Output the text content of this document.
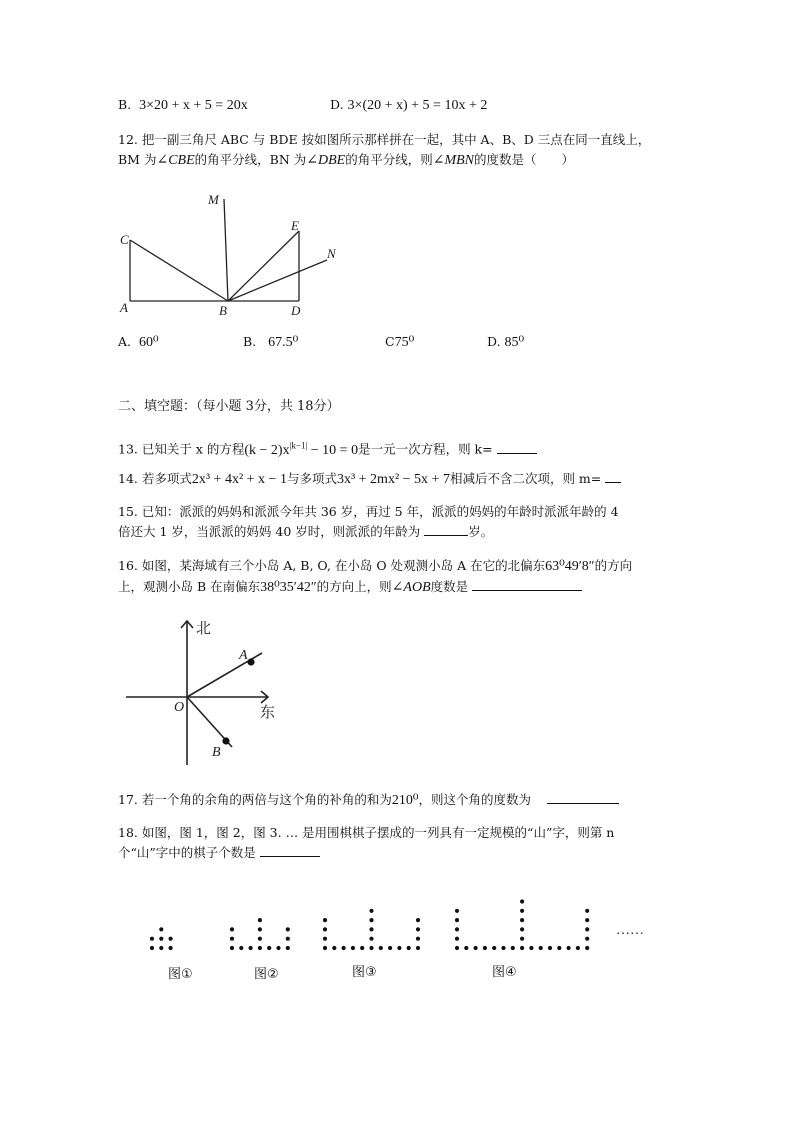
B. 3×20 + x + 5 = 20x	D. 3×(20 + x) + 5 = 10x + 2
12. 把一副三角尺 ABC 与 BDE 按如图所示那样拼在一起，其中 A、B、D 三点在同一直线上，
BM 为∠CBE的角平分线，BN 为∠DBE的角平分线，则∠MBN的度数是（　　）
M
C
E
N
A	B	D
A. 60⁰	B. 67.5⁰	C75⁰	D. 85⁰
二、填空题：（每小题 3分，共 18分）
13. 已知关于 x 的方程$(k - 2)x^{|k-1|} - 10 = 0$是一元一次方程，则 k=
14. 若多项式2x³ + 4x² + x − 1与多项式3x³ + 2mx² − 5x + 7相减后不含二次项，则 m=
15. 已知：派派的妈妈和派派今年共 36 岁，再过 5 年，派派的妈妈的年龄时派派年龄的 4
倍还大 1 岁，当派派的妈妈 40 岁时，则派派的年龄为	岁。
16. 如图，某海域有三个小岛 A, B, O, 在小岛 O 处观测小岛 A 在它的北偏东63⁰49′8″的方向
上，观测小岛 B 在南偏东38⁰35′42″的方向上，则∠AOB度数是
北
东
O
A
B
17. 若一个角的余角的两倍与这个角的补角的和为210⁰，则这个角的度数为
18. 如图，图 1，图 2，图 3. … 是用围棋棋子摆成的一列具有一定规模的“山”字，则第 n
个“山”字中的棋子个数是
……
图①	图②	图③	图④
